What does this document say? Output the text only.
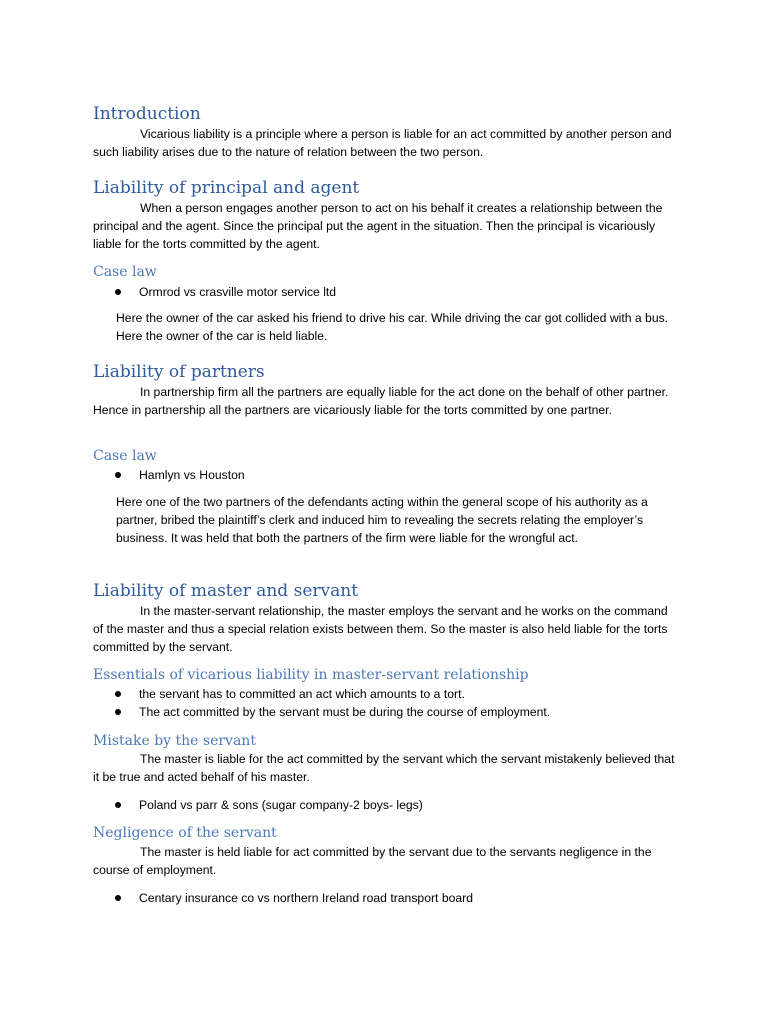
Introduction

Vicarious liability is a principle where a person is liable for an act committed by another person and such liability arises due to the nature of relation between the two person.

Liability of principal and agent

When a person engages another person to act on his behalf it creates a relationship between the principal and the agent. Since the principal put the agent in the situation. Then the principal is vicariously liable for the torts committed by the agent.

Case law
Ormrod vs crasville motor service ltd

Here the owner of the car asked his friend to drive his car. While driving the car got collided with a bus. Here the owner of the car is held liable.

Liability of partners

In partnership firm all the partners are equally liable for the act done on the behalf of other partner. Hence in partnership all the partners are vicariously liable for the torts committed by one partner.

Case law
Hamlyn vs Houston

Here one of the two partners of the defendants acting within the general scope of his authority as a partner, bribed the plaintiff’s clerk and induced him to revealing the secrets relating the employer’s business. It was held that both the partners of the firm were liable for the wrongful act.

Liability of master and servant

In the master-servant relationship, the master employs the servant and he works on the command of the master and thus a special relation exists between them. So the master is also held liable for the torts committed by the servant.

Essentials of vicarious liability in master-servant relationship
the servant has to committed an act which amounts to a tort.
The act committed by the servant must be during the course of employment.
Mistake by the servant

The master is liable for the act committed by the servant which the servant mistakenly believed that it be true and acted behalf of his master.

Poland vs parr & sons (sugar company-2 boys- legs)
Negligence of the servant

The master is held liable for act committed by the servant due to the servants negligence in the course of employment.

Centary insurance co vs northern Ireland road transport board
